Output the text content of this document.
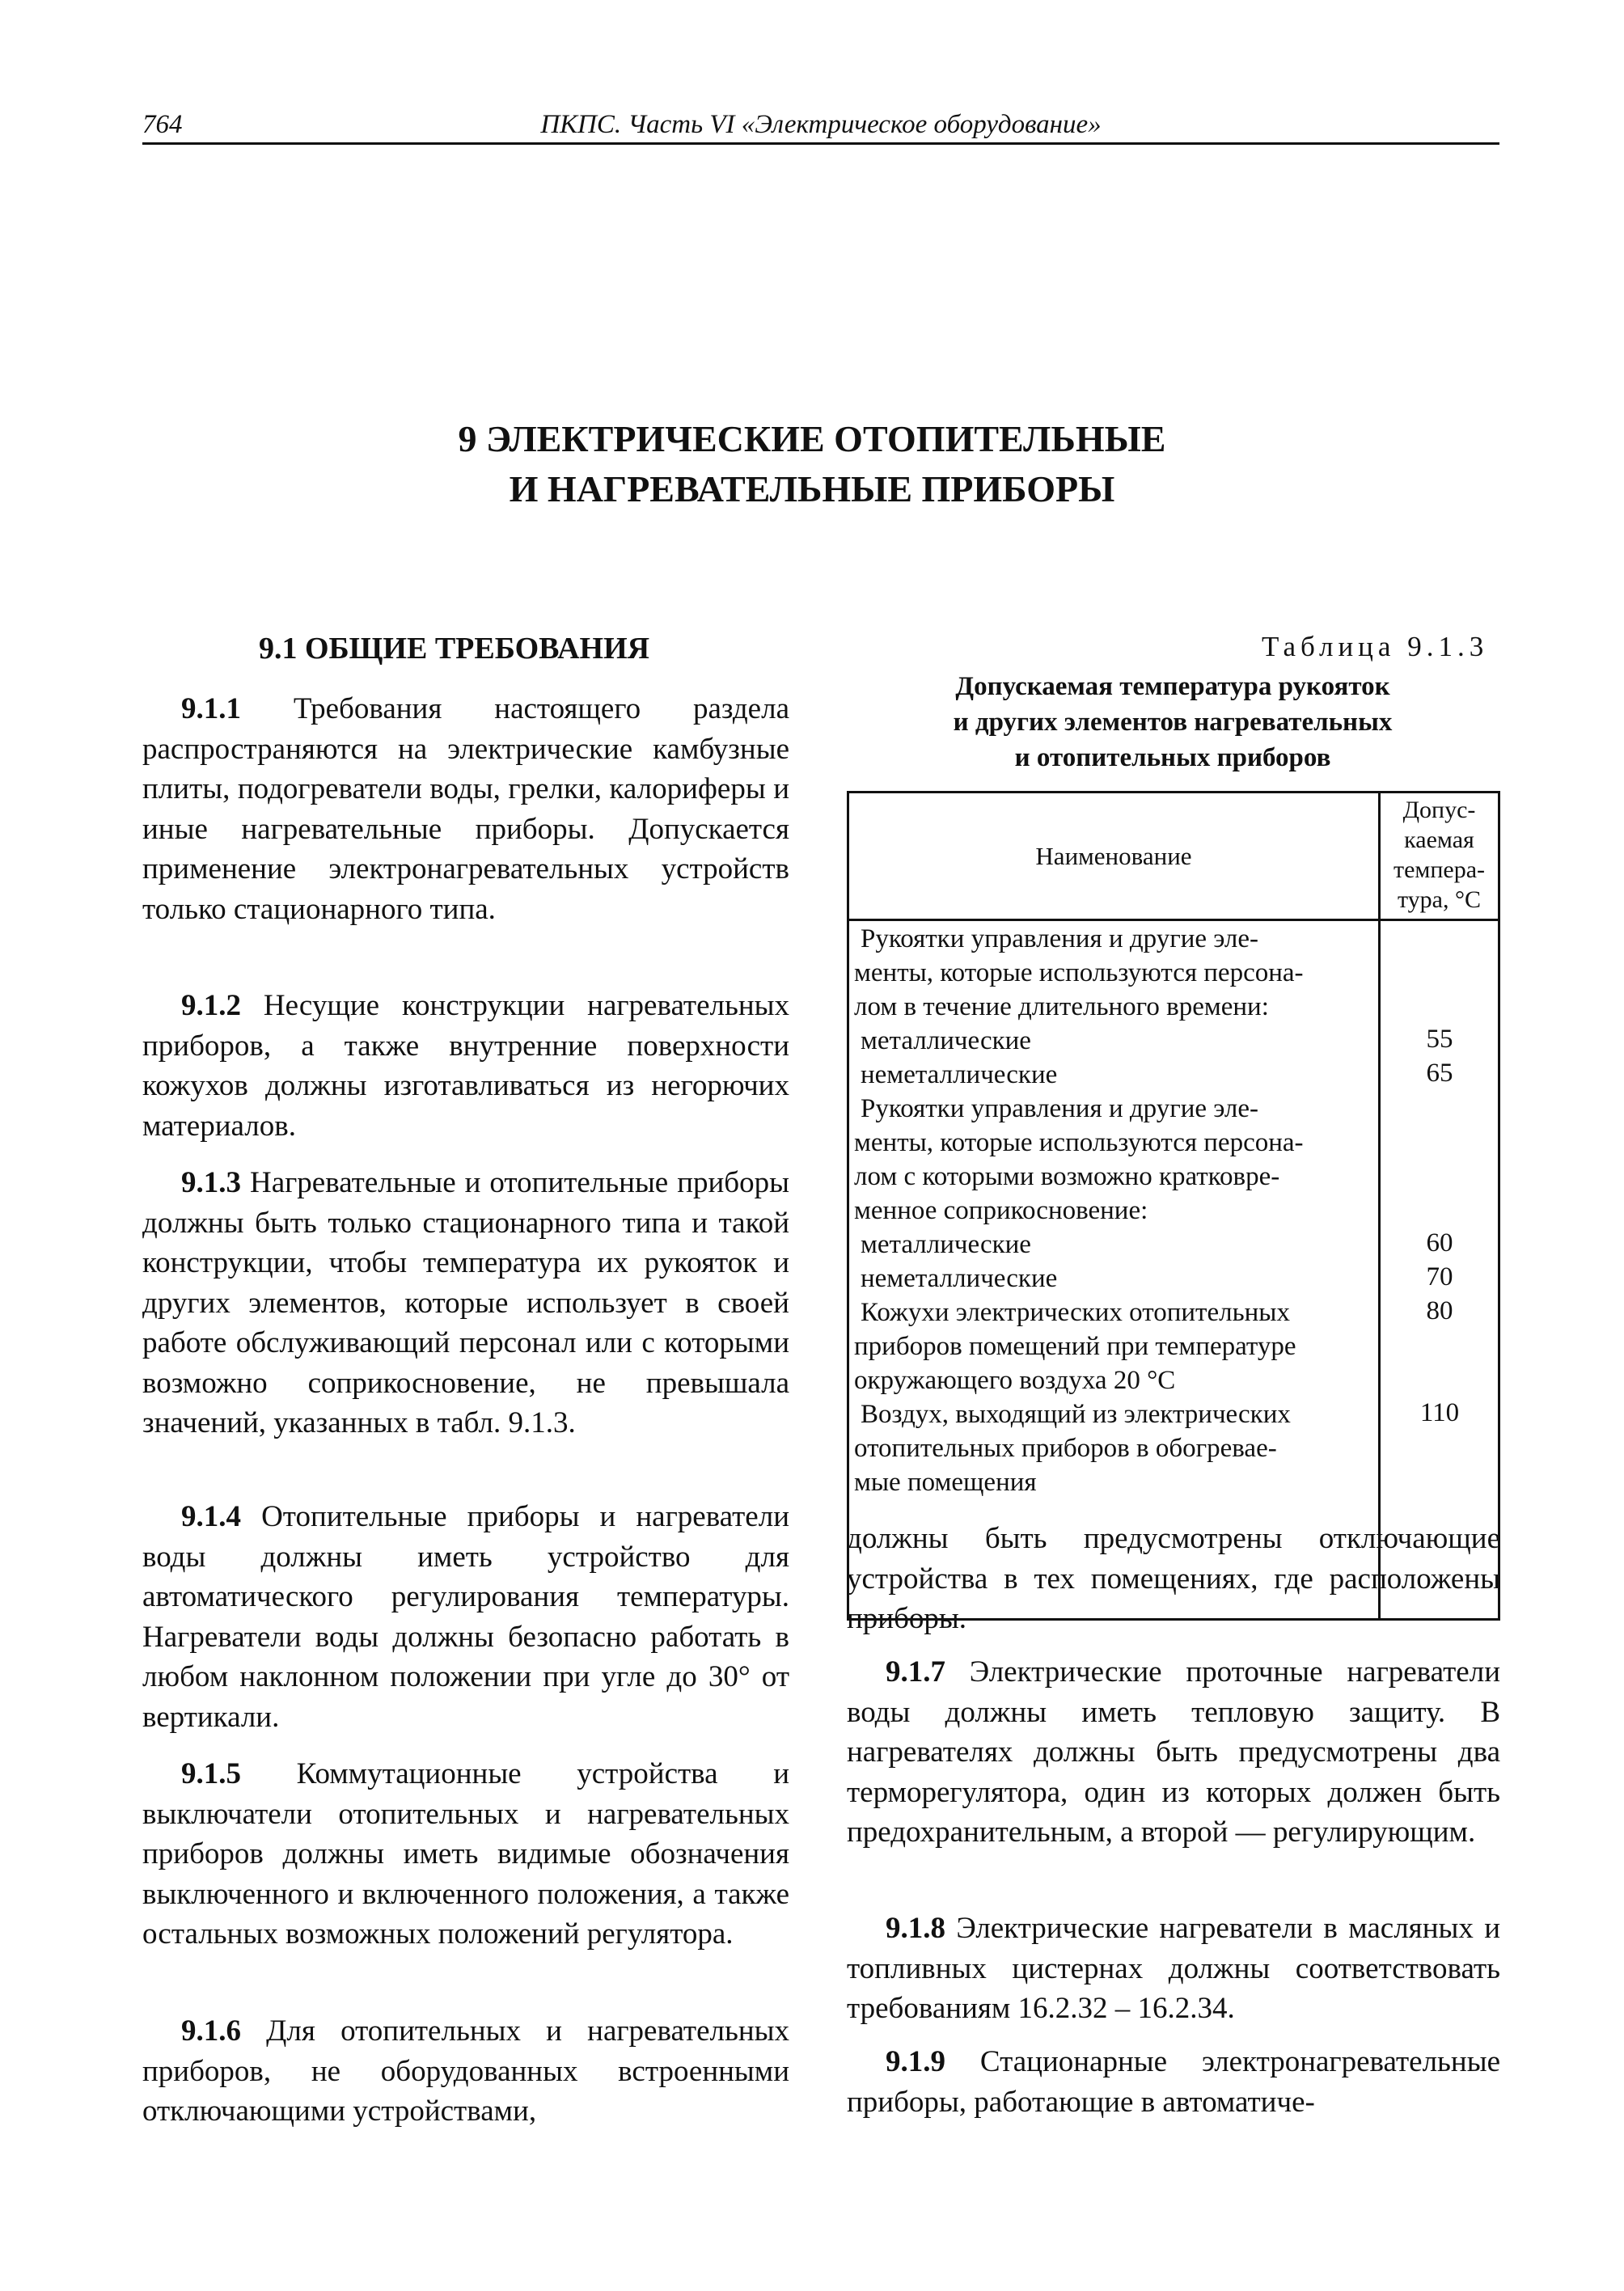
764	ПКПС. Часть VI «Электрическое оборудование»
9 ЭЛЕКТРИЧЕСКИЕ ОТОПИТЕЛЬНЫЕ
И НАГРЕВАТЕЛЬНЫЕ ПРИБОРЫ
9.1 ОБЩИЕ ТРЕБОВАНИЯ

9.1.1 Требования настоящего раздела распространяются на электрические камбузные плиты, подогреватели воды, грелки, калориферы и иные нагревательные приборы. Допускается применение электронагревательных устройств только стационарного типа.

9.1.2 Несущие конструкции нагревательных приборов, а также внутренние поверхности кожухов должны изготавливаться из негорючих материалов.

9.1.3 Нагревательные и отопительные приборы должны быть только стационарного типа и такой конструкции, чтобы температура их рукояток и других элементов, которые использует в своей работе обслуживающий персонал или с которыми возможно соприкосновение, не превышала значений, указанных в табл. 9.1.3.

9.1.4 Отопительные приборы и нагреватели воды должны иметь устройство для автоматического регулирования температуры. Нагреватели воды должны безопасно работать в любом наклонном положении при угле до 30° от вертикали.

9.1.5 Коммутационные устройства и выключатели отопительных и нагревательных приборов должны иметь видимые обозначения выключенного и включенного положения, а также остальных возможных положений регулятора.

9.1.6 Для отопительных и нагревательных приборов, не оборудованных встроенными отключающими устройствами,

Таблица 9.1.3
Допускаемая температура рукояток
и других элементов нагревательных
и отопительных приборов
Наименование
Допус-
каемая
темпера-
тура, °С
Рукоятки управления и другие эле-
менты, которые используются персона-
лом в течение длительного времени:
металлические	55
неметаллические	65
Рукоятки управления и другие эле-
менты, которые используются персона-
лом с которыми возможно кратковре-
менное соприкосновение:
металлические	60
неметаллические	70
Кожухи электрических отопительных	80
приборов помещений при температуре
окружающего воздуха 20 °С
Воздух, выходящий из электрических	110
отопительных приборов в обогревае-
мые помещения

должны быть предусмотрены отключающие устройства в тех помещениях, где расположены приборы.

9.1.7 Электрические проточные нагреватели воды должны иметь тепловую защиту. В нагревателях должны быть предусмотрены два терморегулятора, один из которых должен быть предохранительным, а второй — регулирующим.

9.1.8 Электрические нагреватели в масляных и топливных цистернах должны соответствовать требованиям 16.2.32 – 16.2.34.

9.1.9 Стационарные электронагревательные приборы, работающие в автоматиче-
